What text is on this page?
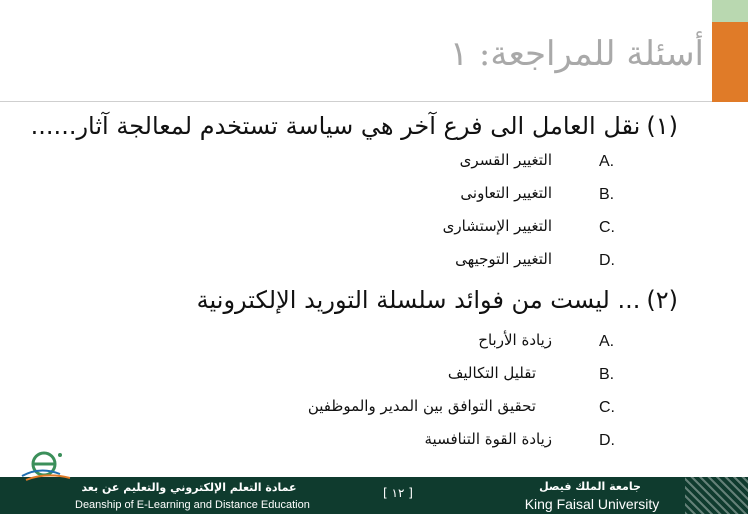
أسئلة للمراجعة: ١
(١)نقل العامل الى فرع آخر هي سياسة تستخدم لمعالجة آثار......
A.
التغيير القسرى
B.
التغيير التعاونى
C.
التغيير الإستشارى
D.
التغيير التوجيهى
(٢)... ليست من فوائد سلسلة التوريد الإلكترونية
A.
زيادة الأرباح
B.
تقليل التكاليف
C.
تحقيق التوافق بين المدير والموظفين
D.
زيادة القوة التنافسية
عمادة التعلم الإلكتروني والتعليم عن بعد
Deanship of E-Learning and Distance Education
[ ١٢ ]	جامعة الملك فيصل
King Faisal University
